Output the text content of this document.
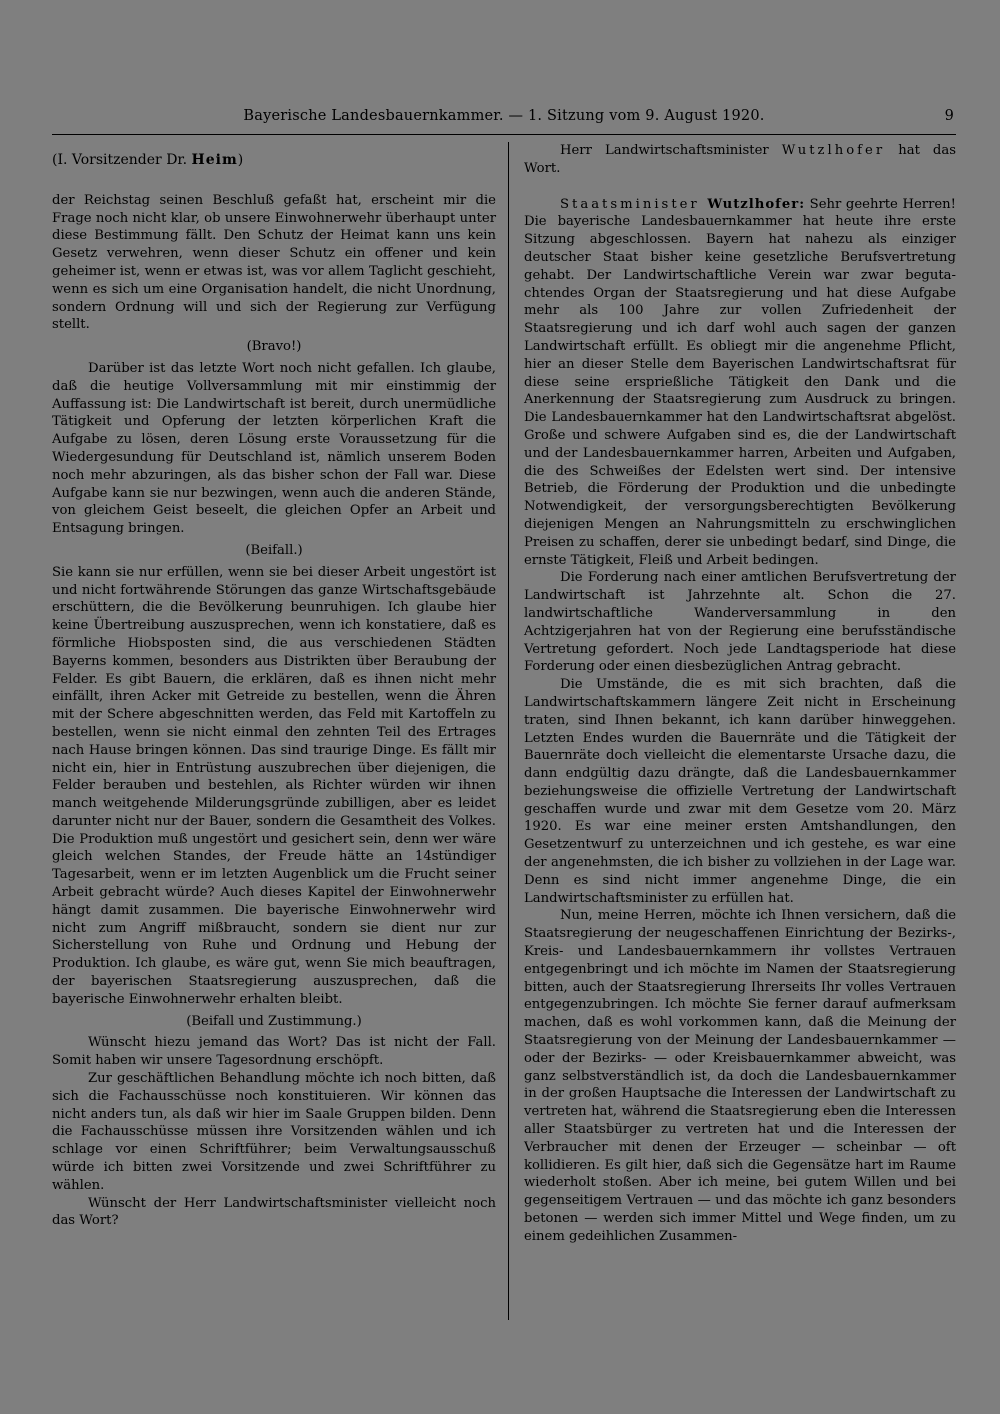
Bayerische Landesbauernkammer. — 1. Sitzung vom 9. August 1920.	9
(I. Vorsitzender Dr. Heim)

der Reichstag seinen Beschluß gefaßt hat, erscheint mir die Frage noch nicht klar, ob unsere Einwohnerwehr überhaupt unter diese Bestimmung fällt. Den Schutz der Heimat kann uns kein Gesetz verwehren, wenn dieser Schutz ein offener und kein geheimer ist, wenn er etwas ist, was vor allem Taglicht geschieht, wenn es sich um eine Organisation handelt, die nicht Unordnung, sondern Ordnung will und sich der Regierung zur Verfügung stellt.

(Bravo!)

Darüber ist das letzte Wort noch nicht gefallen. Ich glaube, daß die heutige Vollversammlung mit mir einstimmig der Auffassung ist: Die Landwirtschaft ist bereit, durch unermüdliche Tätigkeit und Opferung der letzten körperlichen Kraft die Aufgabe zu lösen, deren Lösung erste Voraussetzung für die Wiedergesundung für Deutschland ist, nämlich unserem Boden noch mehr abzuringen, als das bisher schon der Fall war. Diese Aufgabe kann sie nur bezwingen, wenn auch die anderen Stände, von gleichem Geist beseelt, die gleichen Opfer an Arbeit und Entsagung bringen.

(Beifall.)

Sie kann sie nur erfüllen, wenn sie bei dieser Arbeit ungestört ist und nicht fortwährende Störungen das ganze Wirtschaftsgebäude erschüttern, die die Bevölkerung beunruhigen. Ich glaube hier keine Übertreibung auszusprechen, wenn ich konstatiere, daß es förmliche Hiobsposten sind, die aus verschiedenen Städten Bayerns kommen, besonders aus Distrikten über Beraubung der Felder. Es gibt Bauern, die erklären, daß es ihnen nicht mehr einfällt, ihren Acker mit Getreide zu bestellen, wenn die Ähren mit der Schere abgeschnitten werden, das Feld mit Kartoffeln zu bestellen, wenn sie nicht einmal den zehnten Teil des Ertrages nach Hause bringen können. Das sind traurige Dinge. Es fällt mir nicht ein, hier in Entrüstung auszubrechen über diejenigen, die Felder berauben und bestehlen, als Richter würden wir ihnen manch weitgehende Milderungsgründe zubilligen, aber es leidet darunter nicht nur der Bauer, sondern die Gesamtheit des Volkes. Die Produktion muß ungestört und gesichert sein, denn wer wäre gleich welchen Standes, der Freude hätte an 14stündiger Tagesarbeit, wenn er im letzten Augenblick um die Frucht seiner Arbeit gebracht würde? Auch dieses Kapitel der Einwohnerwehr hängt damit zusammen. Die bayerische Einwohnerwehr wird nicht zum Angriff mißbraucht, sondern sie dient nur zur Sicherstellung von Ruhe und Ordnung und Hebung der Produktion. Ich glaube, es wäre gut, wenn Sie mich beauftragen, der bayerischen Staatsregierung auszusprechen, daß die bayerische Einwohnerwehr erhalten bleibt.

(Beifall und Zustimmung.)

Wünscht hiezu jemand das Wort? Das ist nicht der Fall. Somit haben wir unsere Tagesordnung erschöpft.

Zur geschäftlichen Behandlung möchte ich noch bitten, daß sich die Fachausschüsse noch konstituieren. Wir können das nicht anders tun, als daß wir hier im Saale Gruppen bilden. Denn die Fachausschüsse müssen ihre Vorsitzenden wählen und ich schlage vor einen Schriftführer; beim Verwaltungsausschuß würde ich bitten zwei Vorsitzende und zwei Schriftführer zu wählen.

Wünscht der Herr Landwirtschaftsminister vielleicht noch das Wort?

Herr Landwirtschaftsminister Wutzlhofer hat das Wort.

Staatsminister Wutzlhofer: Sehr geehrte Herren! Die bayerische Landesbauernkammer hat heute ihre erste Sitzung abgeschlossen. Bayern hat nahezu als einziger deutscher Staat bisher keine gesetzliche Berufsvertretung gehabt. Der Landwirtschaftliche Verein war zwar begutachtendes Organ der Staatsregierung und hat diese Aufgabe mehr als 100 Jahre zur vollen Zufriedenheit der Staatsregierung und ich darf wohl auch sagen der ganzen Landwirtschaft erfüllt. Es obliegt mir die angenehme Pflicht, hier an dieser Stelle dem Bayerischen Landwirtschaftsrat für diese seine ersprießliche Tätigkeit den Dank und die Anerkennung der Staatsregierung zum Ausdruck zu bringen. Die Landesbauernkammer hat den Landwirtschaftsrat abgelöst. Große und schwere Aufgaben sind es, die der Landwirtschaft und der Landesbauernkammer harren, Arbeiten und Aufgaben, die des Schweißes der Edelsten wert sind. Der intensive Betrieb, die Förderung der Produktion und die unbedingte Notwendigkeit, der versorgungsberechtigten Bevölkerung diejenigen Mengen an Nahrungsmitteln zu erschwinglichen Preisen zu schaffen, derer sie unbedingt bedarf, sind Dinge, die ernste Tätigkeit, Fleiß und Arbeit bedingen.

Die Forderung nach einer amtlichen Berufsvertretung der Landwirtschaft ist Jahrzehnte alt. Schon die 27. landwirtschaftliche Wanderversammlung in den Achtzigerjahren hat von der Regierung eine berufsständische Vertretung gefordert. Noch jede Landtagsperiode hat diese Forderung oder einen diesbezüglichen Antrag gebracht.

Die Umstände, die es mit sich brachten, daß die Landwirtschaftskammern längere Zeit nicht in Erscheinung traten, sind Ihnen bekannt, ich kann darüber hinweggehen. Letzten Endes wurden die Bauernräte und die Tätigkeit der Bauernräte doch vielleicht die elementarste Ursache dazu, die dann endgültig dazu drängte, daß die Landesbauernkammer beziehungsweise die offizielle Vertretung der Landwirtschaft geschaffen wurde und zwar mit dem Gesetze vom 20. März 1920. Es war eine meiner ersten Amtshandlungen, den Gesetzentwurf zu unterzeichnen und ich gestehe, es war eine der angenehmsten, die ich bisher zu vollziehen in der Lage war. Denn es sind nicht immer angenehme Dinge, die ein Landwirtschaftsminister zu erfüllen hat.

Nun, meine Herren, möchte ich Ihnen versichern, daß die Staatsregierung der neugeschaffenen Einrichtung der Bezirks-, Kreis- und Landesbauernkammern ihr vollstes Vertrauen entgegenbringt und ich möchte im Namen der Staatsregierung bitten, auch der Staatsregierung Ihrerseits Ihr volles Vertrauen entgegenzubringen. Ich möchte Sie ferner darauf aufmerksam machen, daß es wohl vorkommen kann, daß die Meinung der Staatsregierung von der Meinung der Landesbauernkammer — oder der Bezirks- — oder Kreisbauernkammer abweicht, was ganz selbstverständlich ist, da doch die Landesbauernkammer in der großen Hauptsache die Interessen der Landwirtschaft zu vertreten hat, während die Staatsregierung eben die Interessen aller Staatsbürger zu vertreten hat und die Interessen der Verbraucher mit denen der Erzeuger — scheinbar — oft kollidieren. Es gilt hier, daß sich die Gegensätze hart im Raume wiederholt stoßen. Aber ich meine, bei gutem Willen und bei gegenseitigem Vertrauen — und das möchte ich ganz besonders betonen — werden sich immer Mittel und Wege finden, um zu einem gedeihlichen Zusammen-
